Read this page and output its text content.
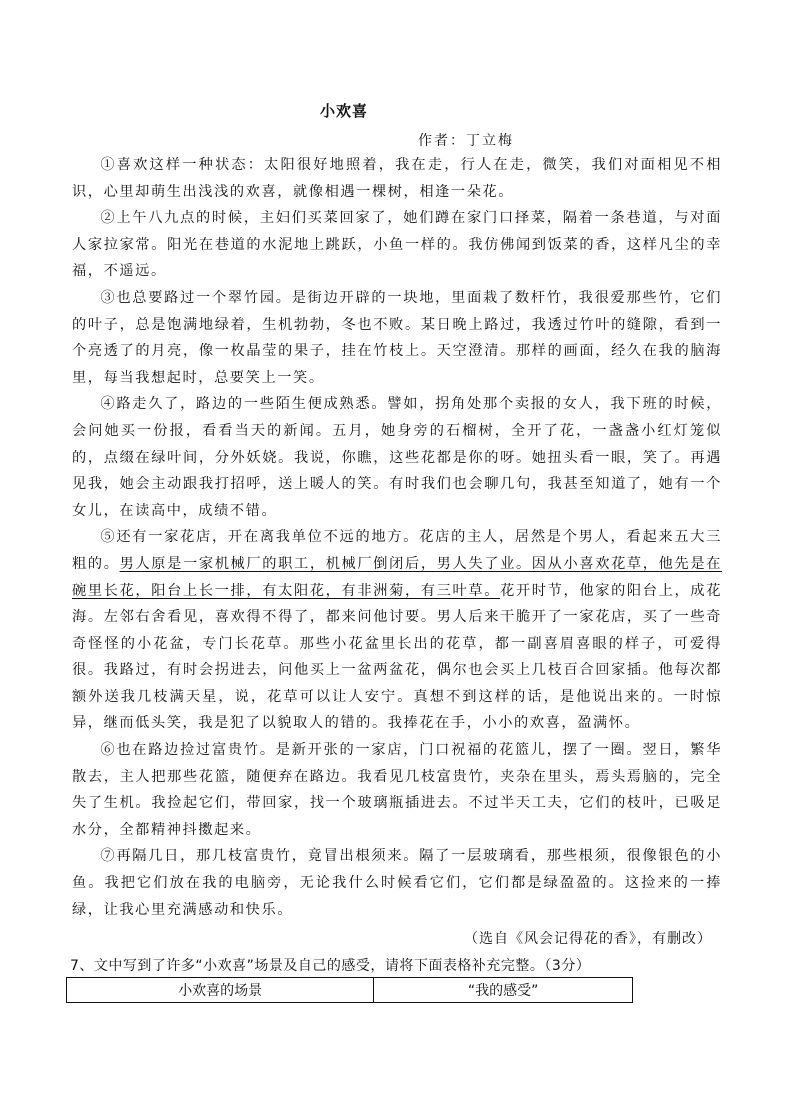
小欢喜
作者：丁立梅

①喜欢这样一种状态：太阳很好地照着，我在走，行人在走，微笑，我们对面相见不相识，心里却萌生出浅浅的欢喜，就像相遇一棵树，相逢一朵花。

②上午八九点的时候，主妇们买菜回家了，她们蹲在家门口择菜，隔着一条巷道，与对面人家拉家常。阳光在巷道的水泥地上跳跃，小鱼一样的。我仿佛闻到饭菜的香，这样凡尘的幸福，不遥远。

③也总要路过一个翠竹园。是街边开辟的一块地，里面栽了数杆竹，我很爱那些竹，它们的叶子，总是饱满地绿着，生机勃勃，冬也不败。某日晚上路过，我透过竹叶的缝隙，看到一个亮透了的月亮，像一枚晶莹的果子，挂在竹枝上。天空澄清。那样的画面，经久在我的脑海里，每当我想起时，总要笑上一笑。

④路走久了，路边的一些陌生便成熟悉。譬如，拐角处那个卖报的女人，我下班的时候，会问她买一份报，看看当天的新闻。五月，她身旁的石榴树，全开了花，一盏盏小红灯笼似的，点缀在绿叶间，分外妖娆。我说，你瞧，这些花都是你的呀。她扭头看一眼，笑了。再遇见我，她会主动跟我打招呼，送上暖人的笑。有时我们也会聊几句，我甚至知道了，她有一个女儿，在读高中，成绩不错。

⑤还有一家花店，开在离我单位不远的地方。花店的主人，居然是个男人，看起来五大三粗的。男人原是一家机械厂的职工，机械厂倒闭后，男人失了业。因从小喜欢花草，他先是在碗里长花，阳台上长一排，有太阳花，有非洲菊，有三叶草。花开时节，他家的阳台上，成花海。左邻右舍看见，喜欢得不得了，都来问他讨要。男人后来干脆开了一家花店，买了一些奇奇怪怪的小花盆，专门长花草。那些小花盆里长出的花草，都一副喜眉喜眼的样子，可爱得很。我路过，有时会拐进去，问他买上一盆两盆花，偶尔也会买上几枝百合回家插。他每次都额外送我几枝满天星，说，花草可以让人安宁。真想不到这样的话，是他说出来的。一时惊异，继而低头笑，我是犯了以貌取人的错的。我捧花在手，小小的欢喜，盈满怀。

⑥也在路边捡过富贵竹。是新开张的一家店，门口祝福的花篮儿，摆了一圈。翌日，繁华散去，主人把那些花篮，随便弃在路边。我看见几枝富贵竹，夹杂在里头，焉头焉脑的，完全失了生机。我捡起它们，带回家，找一个玻璃瓶插进去。不过半天工夫，它们的枝叶，已吸足水分，全都精神抖擞起来。

⑦再隔几日，那几枝富贵竹，竟冒出根须来。隔了一层玻璃看，那些根须，很像银色的小鱼。我把它们放在我的电脑旁，无论我什么时候看它们，它们都是绿盈盈的。这捡来的一捧绿，让我心里充满感动和快乐。

（选自《风会记得花的香》，有删改）
7、文中写到了许多“小欢喜”场景及自己的感受，请将下面表格补充完整。（3分）
小欢喜的场景	“我的感受”
